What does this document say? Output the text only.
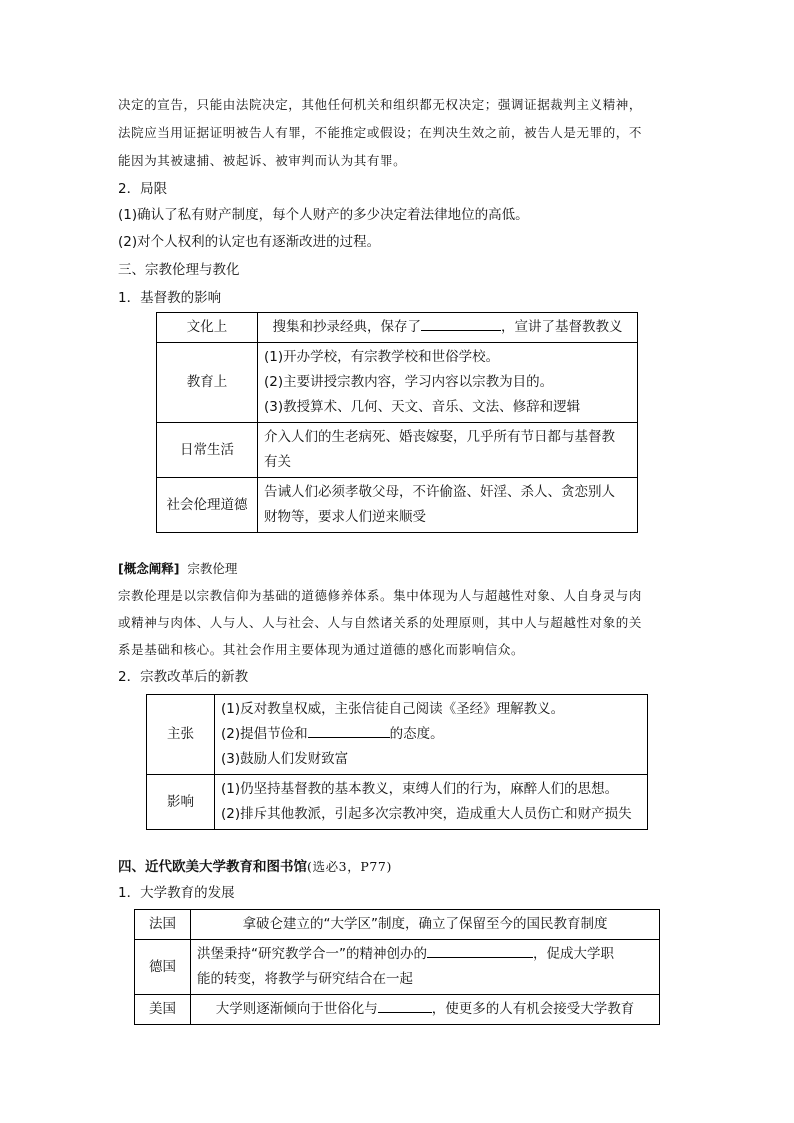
决定的宣告，只能由法院决定，其他任何机关和组织都无权决定；强调证据裁判主义精神，
法院应当用证据证明被告人有罪，不能推定或假设；在判决生效之前，被告人是无罪的，不
能因为其被逮捕、被起诉、被审判而认为其有罪。
2．局限
(1)确认了私有财产制度，每个人财产的多少决定着法律地位的高低。
(2)对个人权利的认定也有逐渐改进的过程。
三、宗教伦理与教化
1．基督教的影响
文化上	搜集和抄录经典，保存了 ，宣讲了基督教教义
教育上	(1)开办学校，有宗教学校和世俗学校。
(2)主要讲授宗教内容，学习内容以宗教为目的。
(3)教授算术、几何、天文、音乐、文法、修辞和逻辑

日常生活	介入人们的生老病死、婚丧嫁娶，几乎所有节日都与基督教
有关

社会伦理道德	告诫人们必须孝敬父母，不许偷盗、奸淫、杀人、贪恋别人
财物等，要求人们逆来顺受
[概念阐释] 宗教伦理
宗教伦理是以宗教信仰为基础的道德修养体系。集中体现为人与超越性对象、人自身灵与肉
或精神与肉体、人与人、人与社会、人与自然诸关系的处理原则，其中人与超越性对象的关
系是基础和核心。其社会作用主要体现为通过道德的感化而影响信众。
2．宗教改革后的新教
主张	(1)反对教皇权威，主张信徒自己阅读《圣经》理解教义。
(2)提倡节俭和 的态度。
(3)鼓励人们发财致富

影响	(1)仍坚持基督教的基本教义，束缚人们的行为，麻醉人们的思想。
(2)排斥其他教派，引起多次宗教冲突，造成重大人员伤亡和财产损失
四、近代欧美大学教育和图书馆(选必3，P77)
1．大学教育的发展
法国	拿破仑建立的“大学区”制度，确立了保留至今的国民教育制度
德国	洪堡秉持“研究教学合一”的精神创办的 ，促成大学职
能的转变，将教学与研究结合在一起

美国	大学则逐渐倾向于世俗化与 ，使更多的人有机会接受大学教育
